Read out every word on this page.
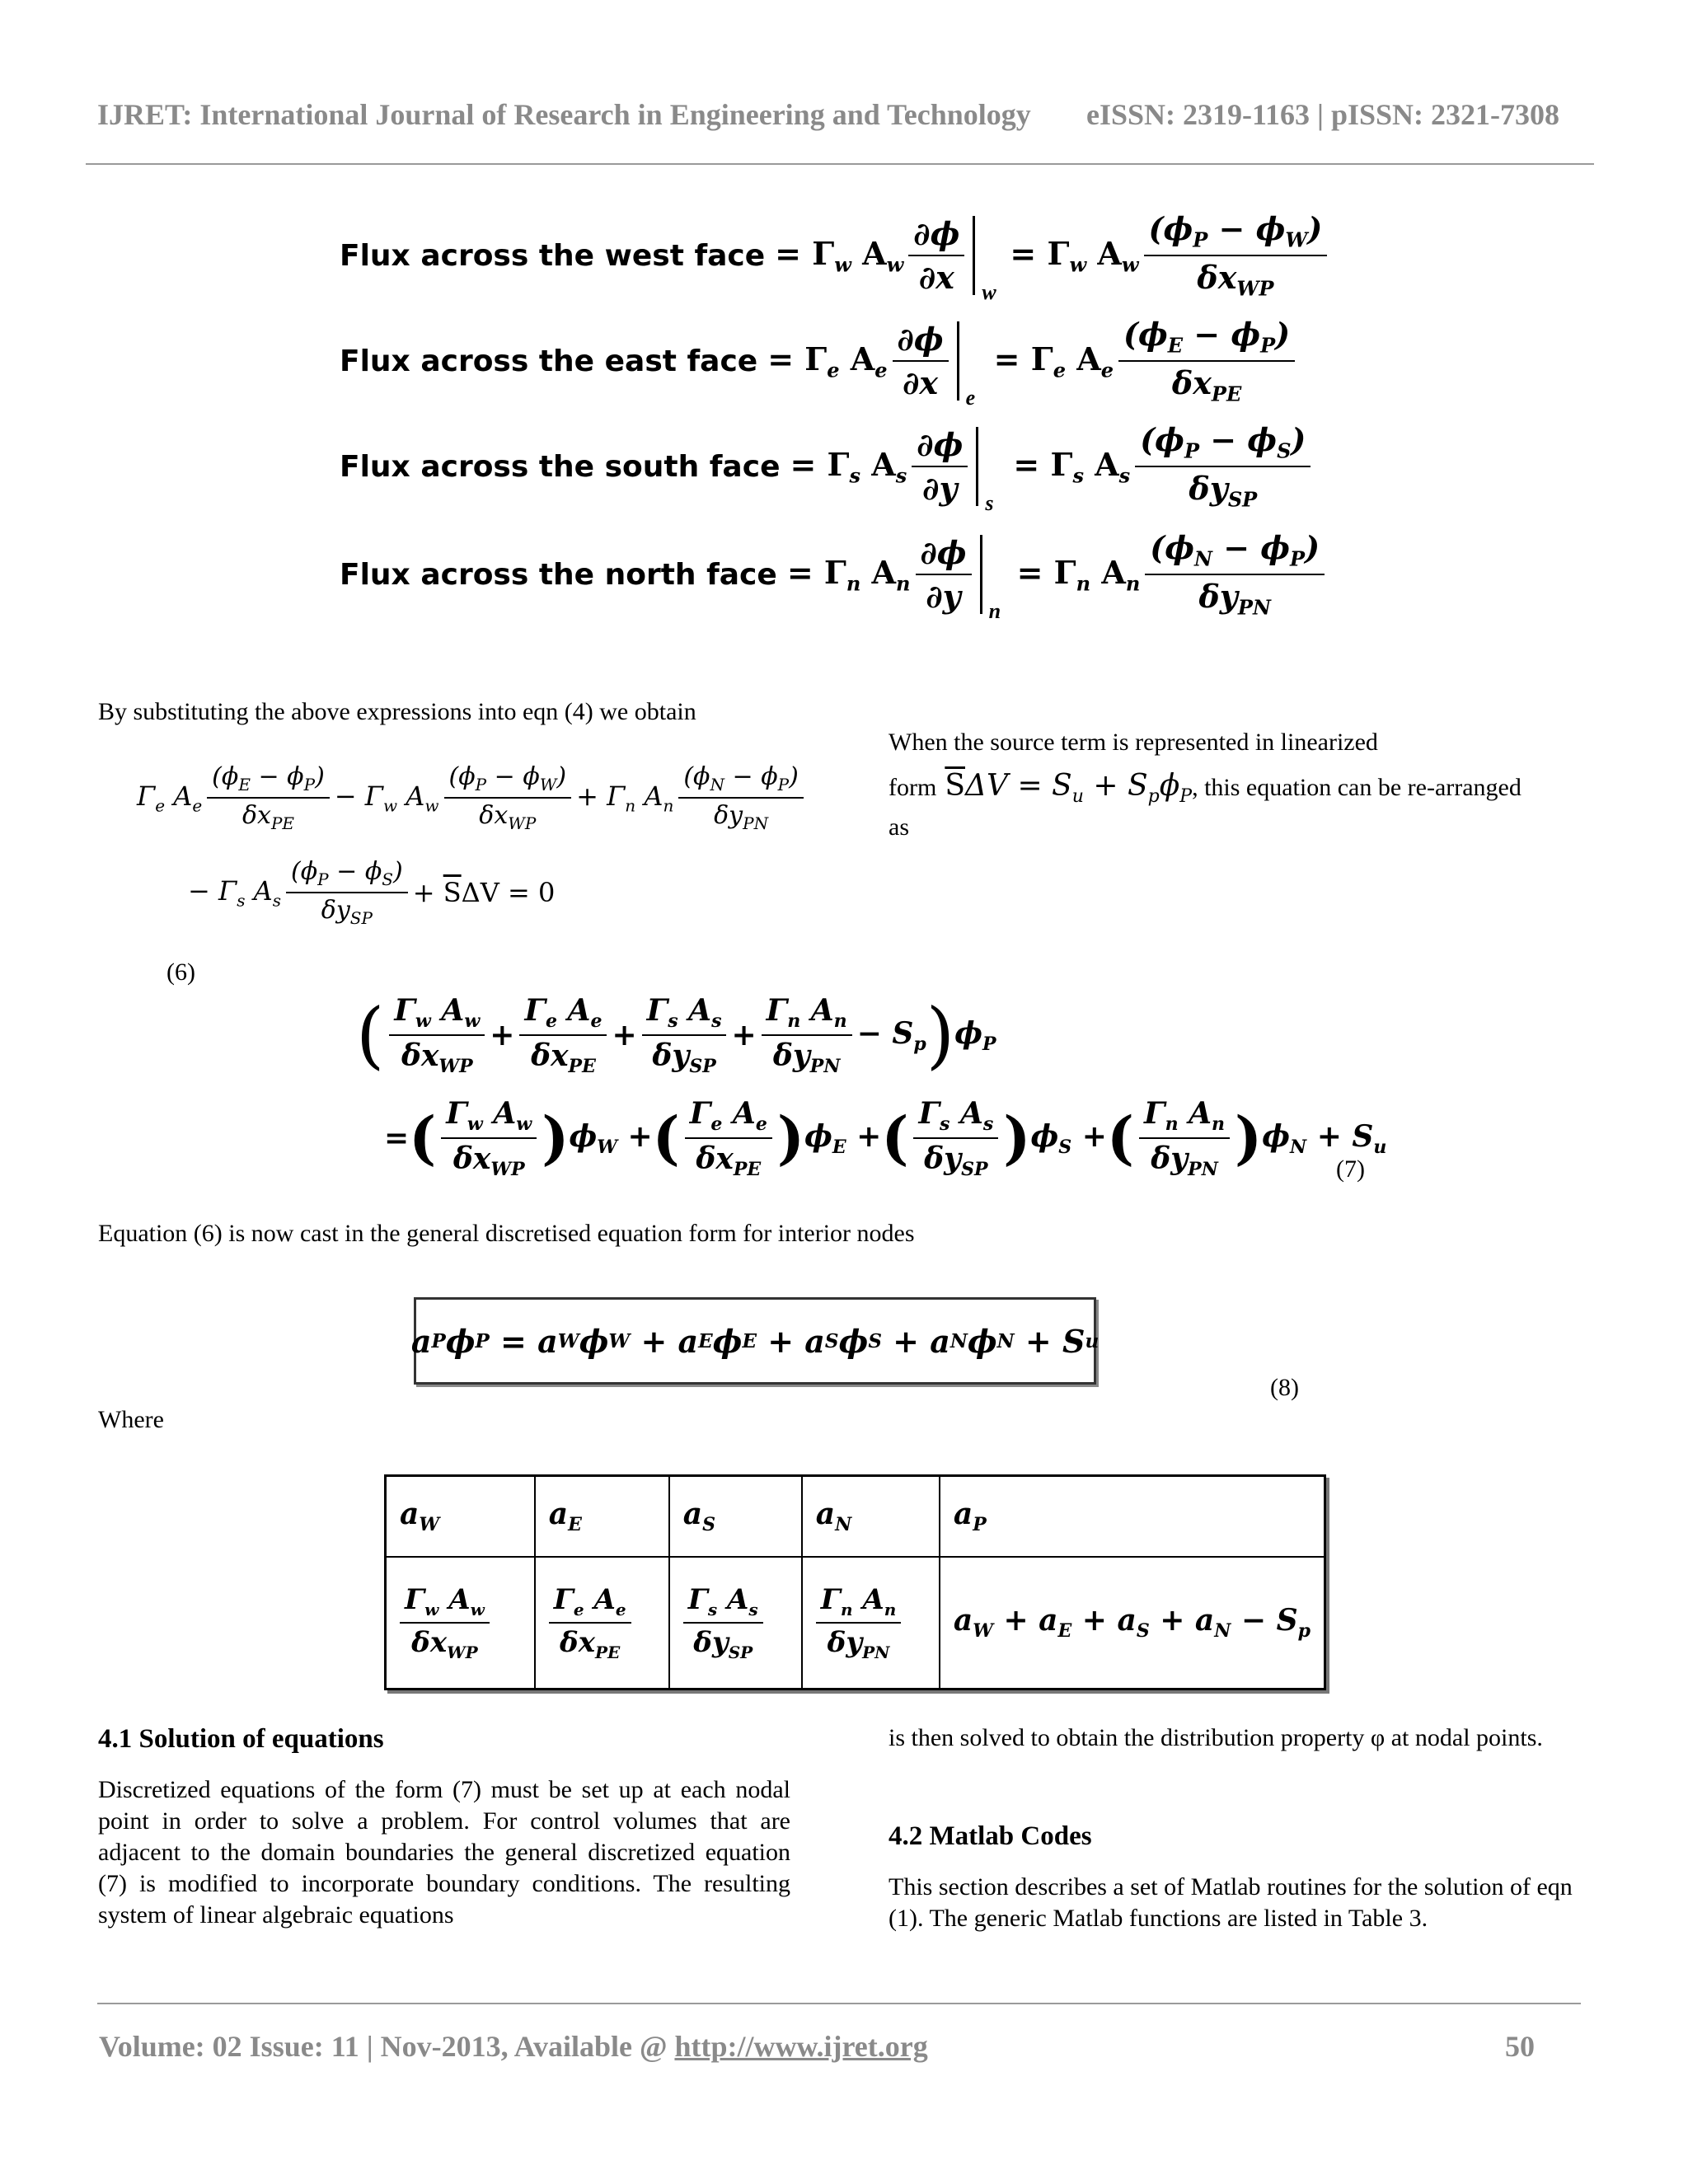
IJRET: International Journal of Research in Engineering and Technology eISSN: 2319-1163 | pISSN: 2321-7308
Flux across the west face = $\Gamma_w$ $A_w \frac{\partial\phi}{\partial x}$ w
= $\Gamma_w$ $A_w \frac{(\phi_P - \phi_W)}{\delta x_{WP}}$
Flux across the east face = $\Gamma_e$ $A_e \frac{\partial\phi}{\partial x}$ e
= $\Gamma_e$ $A_e \frac{(\phi_E - \phi_P)}{\delta x_{PE}}$
Flux across the south face = $\Gamma_s$ $A_s \frac{\partial\phi}{\partial y}$ s
= $\Gamma_s$ $A_s \frac{(\phi_P - \phi_S)}{\delta y_{SP}}$
Flux across the north face = $\Gamma_n$ $A_n \frac{\partial\phi}{\partial y}$ n
= $\Gamma_n$ $A_n \frac{(\phi_N - \phi_P)}{\delta y_{PN}}$
By substituting the above expressions into eqn (4) we obtain
$\Gamma_e$ $A_e \frac{(\phi_E - \phi_P)}{\delta x_{PE}} - \Gamma_w$ $A_w \frac{(\phi_P - \phi_W)}{\delta x_{WP}} + \Gamma_n$ $A_n \frac{(\phi_N - \phi_P)}{\delta y_{PN}}$
− $\Gamma_s$ $A_s \frac{(\phi_P - \phi_S)}{\delta y_{SP}} + \overline{S}\Delta V = 0$
(6)
When the source term is represented in linearized
form $\overline{S}\Delta V = S_u + S_p\phi_P$ , this equation can be re-arranged
as
( $\frac{\Gamma_w A_w}{\delta x_{WP}} + \frac{\Gamma_e A_e}{\delta x_{PE}} + \frac{\Gamma_s A_s}{\delta y_{SP}} + \frac{\Gamma_n A_n}{\delta y_{PN}} - S_p$ ) $\phi_P$
= ( $\frac{\Gamma_w A_w}{\delta x_{WP}}$ ) $\phi_W$ + ( $\frac{\Gamma_e A_e}{\delta x_{PE}}$ ) $\phi_E$ + ( $\frac{\Gamma_s A_s}{\delta y_{SP}}$ ) $\phi_S$ + ( $\frac{\Gamma_n A_n}{\delta y_{PN}}$ ) $\phi_N + S_u$
(7)
Equation (6) is now cast in the general discretised equation form for interior nodes
a P ϕ P = a W ϕ W + a E ϕ E + a S ϕ S + a N ϕ N + S u
(8)
Where
$a_W$	$a_E$	$a_S$	$a_N$	$a_P$

$\frac{\Gamma_w A_w}{\delta x_{WP}}$	$\frac{\Gamma_e A_e}{\delta x_{PE}}$	$\frac{\Gamma_s A_s}{\delta y_{SP}}$	$\frac{\Gamma_n A_n}{\delta y_{PN}}$	$a_W + a_E + a_S + a_N - S_p$
4.1 Solution of equations
Discretized equations of the form (7) must be set up at each nodal point in order to solve a problem. For control volumes that are adjacent to the domain boundaries the general discretized equation (7) is modified to incorporate boundary conditions. The resulting system of linear algebraic equations
is then solved to obtain the distribution property φ at nodal points.
4.2 Matlab Codes
This section describes a set of Matlab routines for the solution of eqn (1). The generic Matlab functions are listed in Table 3.
Volume: 02 Issue: 11 | Nov-2013, Available @ http://www.ijret.org	50
